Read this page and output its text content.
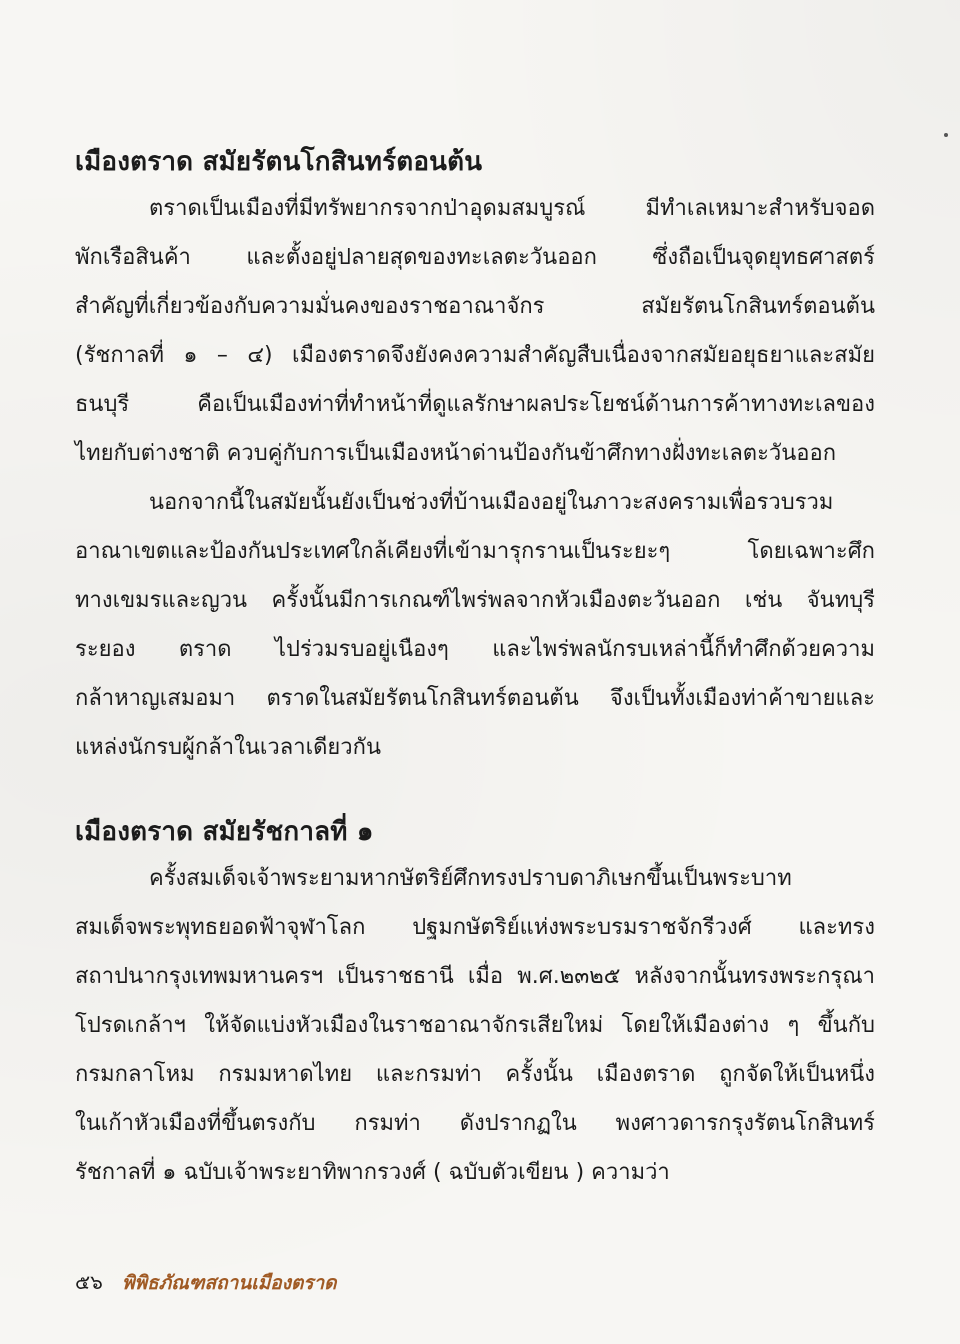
เมืองตราด สมัยรัตนโกสินทร์ตอนต้น
ตราดเป็นเมืองที่มีทรัพยากรจากป่าอุดมสมบูรณ์ มีทำเลเหมาะสำหรับจอด
พักเรือสินค้า และตั้งอยู่ปลายสุดของทะเลตะวันออก ซึ่งถือเป็นจุดยุทธศาสตร์
สำคัญที่เกี่ยวข้องกับความมั่นคงของราชอาณาจักร สมัยรัตนโกสินทร์ตอนต้น
(รัชกาลที่ ๑ – ๔) เมืองตราดจึงยังคงความสำคัญสืบเนื่องจากสมัยอยุธยาและสมัย
ธนบุรี คือเป็นเมืองท่าที่ทำหน้าที่ดูแลรักษาผลประโยชน์ด้านการค้าทางทะเลของ
ไทยกับต่างชาติ ควบคู่กับการเป็นเมืองหน้าด่านป้องกันข้าศึกทางฝั่งทะเลตะวันออก
นอกจากนี้ในสมัยนั้นยังเป็นช่วงที่บ้านเมืองอยู่ในภาวะสงครามเพื่อรวบรวม
อาณาเขตและป้องกันประเทศใกล้เคียงที่เข้ามารุกรานเป็นระยะๆ โดยเฉพาะศึก
ทางเขมรและญวน ครั้งนั้นมีการเกณฑ์ไพร่พลจากหัวเมืองตะวันออก เช่น จันทบุรี
ระยอง ตราด ไปร่วมรบอยู่เนืองๆ และไพร่พลนักรบเหล่านี้ก็ทำศึกด้วยความ
กล้าหาญเสมอมา ตราดในสมัยรัตนโกสินทร์ตอนต้น จึงเป็นทั้งเมืองท่าค้าขายและ
แหล่งนักรบผู้กล้าในเวลาเดียวกัน
เมืองตราด สมัยรัชกาลที่ ๑
ครั้งสมเด็จเจ้าพระยามหากษัตริย์ศึกทรงปราบดาภิเษกขึ้นเป็นพระบาท
สมเด็จพระพุทธยอดฟ้าจุฬาโลก ปฐมกษัตริย์แห่งพระบรมราชจักรีวงศ์ และทรง
สถาปนากรุงเทพมหานครฯ เป็นราชธานี เมื่อ พ.ศ.๒๓๒๕ หลังจากนั้นทรงพระกรุณา
โปรดเกล้าฯ ให้จัดแบ่งหัวเมืองในราชอาณาจักรเสียใหม่ โดยให้เมืองต่าง ๆ ขึ้นกับ
กรมกลาโหม กรมมหาดไทย และกรมท่า ครั้งนั้น เมืองตราด ถูกจัดให้เป็นหนึ่ง
ในเก้าหัวเมืองที่ขึ้นตรงกับ กรมท่า ดังปรากฏใน พงศาวดารกรุงรัตนโกสินทร์
รัชกาลที่ ๑ ฉบับเจ้าพระยาทิพากรวงศ์ ( ฉบับตัวเขียน ) ความว่า
๕๖ พิพิธภัณฑสถานเมืองตราด
